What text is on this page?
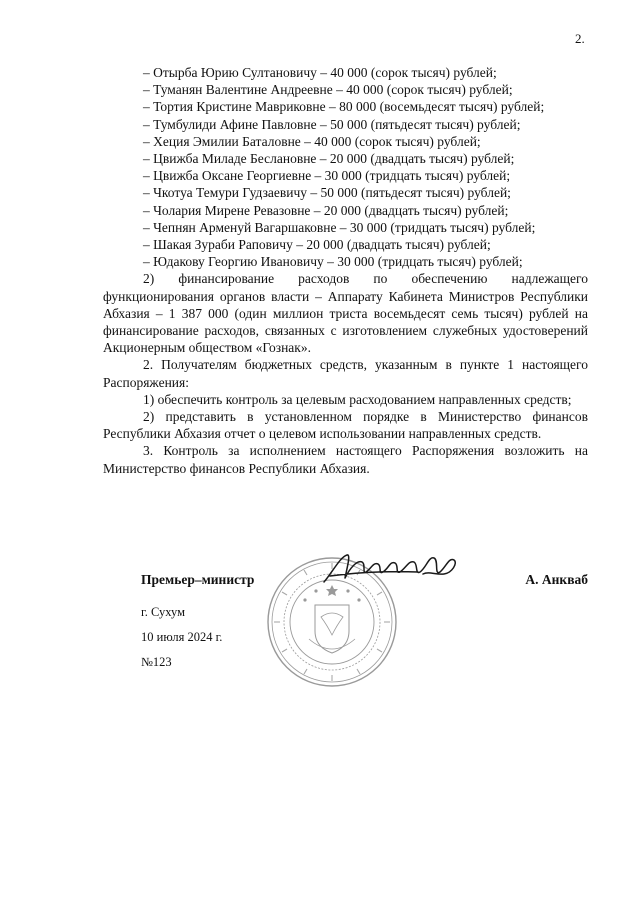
2.
– Отырба Юрию Султановичу – 40 000 (сорок тысяч) рублей;
– Туманян Валентине Андреевне – 40 000 (сорок тысяч) рублей;
– Тортия Кристине Мавриковне – 80 000 (восемьдесят тысяч) рублей;
– Тумбулиди Афине Павловне – 50 000 (пятьдесят тысяч) рублей;
– Хеция Эмилии Баталовне – 40 000 (сорок тысяч) рублей;
– Цвижба Миладе Беслановне – 20 000 (двадцать тысяч) рублей;
– Цвижба Оксане Георгиевне – 30 000 (тридцать тысяч) рублей;
– Чкотуа Темури Гудзаевичу – 50 000 (пятьдесят тысяч) рублей;
– Чолария Мирене Ревазовне – 20 000 (двадцать тысяч) рублей;
– Чепнян Арменуй Вагаршаковне – 30 000 (тридцать тысяч) рублей;
– Шакая Зураби Раповичу – 20 000 (двадцать тысяч) рублей;
– Юдакову Георгию Ивановичу – 30 000 (тридцать тысяч) рублей;
2) финансирование расходов по обеспечению надлежащего функционирования органов власти – Аппарату Кабинета Министров Республики Абхазия – 1 387 000 (один миллион триста восемьдесят семь тысяч) рублей на финансирование расходов, связанных с изготовлением служебных удостоверений Акционерным обществом «Гознак».
2. Получателям бюджетных средств, указанным в пункте 1 настоящего Распоряжения:
1) обеспечить контроль за целевым расходованием направленных средств;
2) представить в установленном порядке в Министерство финансов Республики Абхазия отчет о целевом использовании направленных средств.
3. Контроль за исполнением настоящего Распоряжения возложить на Министерство финансов Республики Абхазия.
Премьер–министр	А. Анкваб
г. Сухум
10 июля 2024 г.
№123
